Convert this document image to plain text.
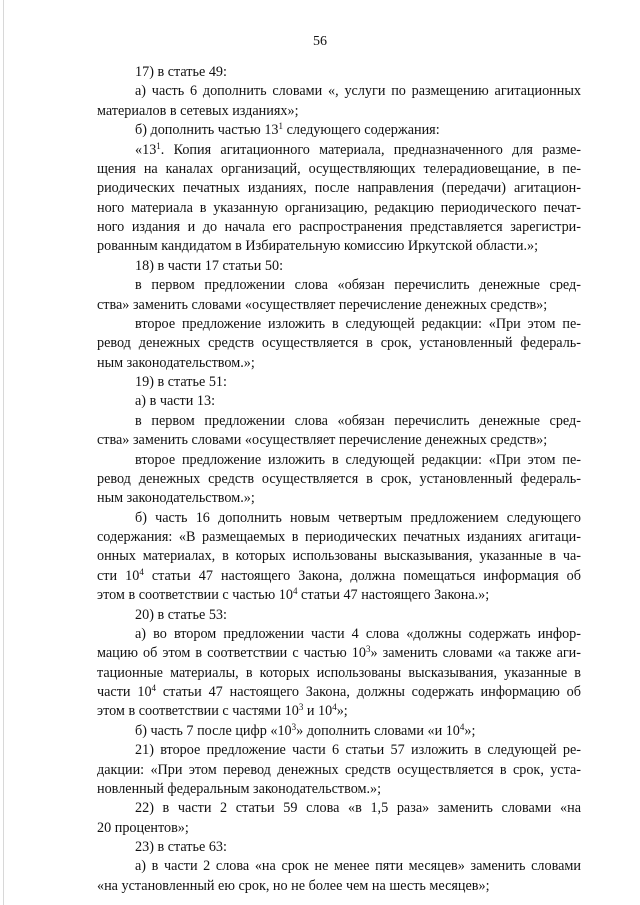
56
17) в статье 49:
а) часть 6 дополнить словами «, услуги по размещению агитационных
материалов в сетевых изданиях»;
б) дополнить частью $13^1$ следующего содержания:
«$13^1$. Копия агитационного материала, предназначенного для разме-
щения на каналах организаций, осуществляющих телерадиовещание, в пе-
риодических печатных изданиях, после направления (передачи) агитацион-
ного материала в указанную организацию, редакцию периодического печат-
ного издания и до начала его распространения представляется зарегистри-
рованным кандидатом в Избирательную комиссию Иркутской области.»;
18) в части 17 статьи 50:
в первом предложении слова «обязан перечислить денежные сред-
ства» заменить словами «осуществляет перечисление денежных средств»;
второе предложение изложить в следующей редакции: «При этом пе-
ревод денежных средств осуществляется в срок, установленный федераль-
ным законодательством.»;
19) в статье 51:
а) в части 13:
в первом предложении слова «обязан перечислить денежные сред-
ства» заменить словами «осуществляет перечисление денежных средств»;
второе предложение изложить в следующей редакции: «При этом пе-
ревод денежных средств осуществляется в срок, установленный федераль-
ным законодательством.»;
б) часть 16 дополнить новым четвертым предложением следующего
содержания: «В размещаемых в периодических печатных изданиях агитаци-
онных материалах, в которых использованы высказывания, указанные в ча-
сти $10^4$ статьи 47 настоящего Закона, должна помещаться информация об
этом в соответствии с частью $10^4$ статьи 47 настоящего Закона.»;
20) в статье 53:
а) во втором предложении части 4 слова «должны содержать инфор-
мацию об этом в соответствии с частью $10^3$» заменить словами «а также аги-
тационные материалы, в которых использованы высказывания, указанные в
части $10^4$ статьи 47 настоящего Закона, должны содержать информацию об
этом в соответствии с частями $10^3$ и $10^4$»;
б) часть 7 после цифр «$10^3$» дополнить словами «и $10^4$»;
21) второе предложение части 6 статьи 57 изложить в следующей ре-
дакции: «При этом перевод денежных средств осуществляется в срок, уста-
новленный федеральным законодательством.»;
22) в части 2 статьи 59 слова «в 1,5 раза» заменить словами «на
20 процентов»;
23) в статье 63:
а) в части 2 слова «на срок не менее пяти месяцев» заменить словами
«на установленный ею срок, но не более чем на шесть месяцев»;
